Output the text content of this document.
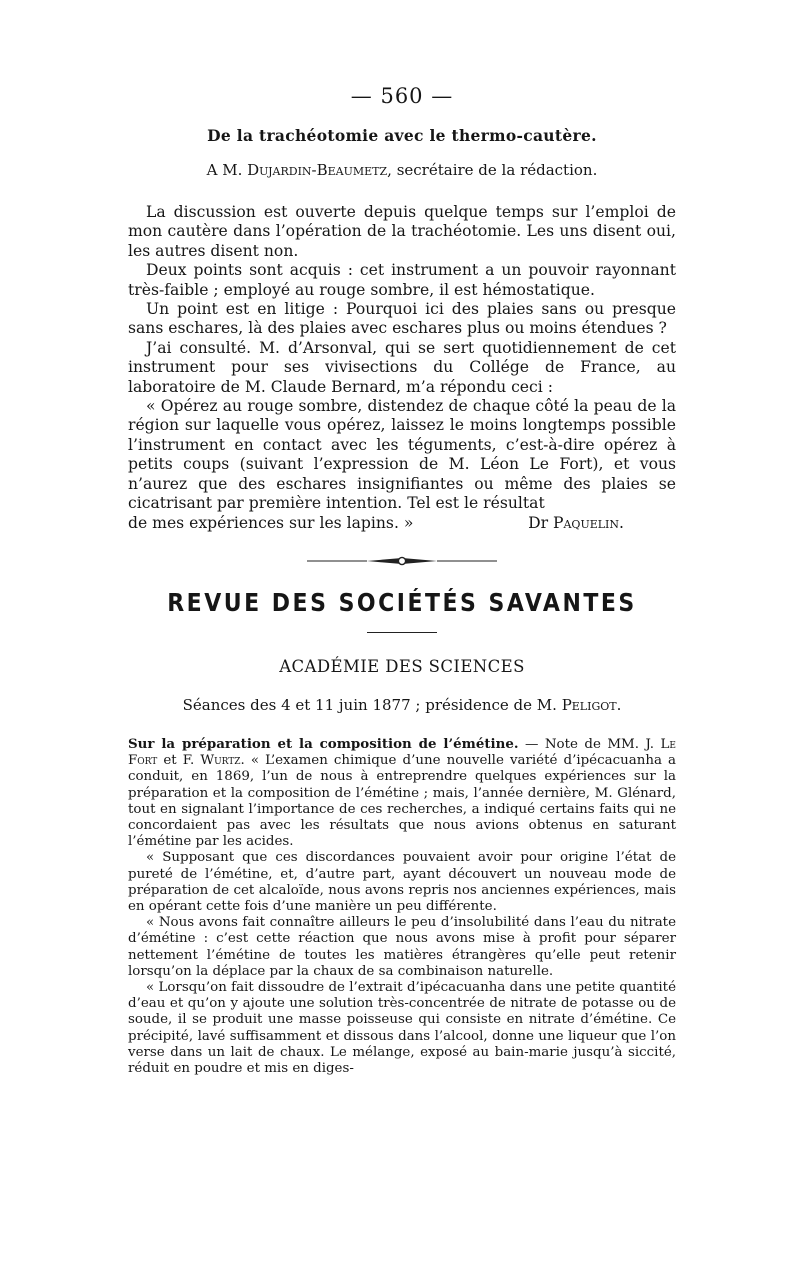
— 560 —
De la trachéotomie avec le thermo-cautère.
A M. Dujardin-Beaumetz, secrétaire de la rédaction.

La discussion est ouverte depuis quelque temps sur l’emploi de mon cautère dans l’opération de la trachéotomie. Les uns disent oui, les autres disent non.

Deux points sont acquis : cet instrument a un pouvoir rayonnant très-faible ; employé au rouge sombre, il est hémostatique.

Un point est en litige : Pourquoi ici des plaies sans ou presque sans eschares, là des plaies avec eschares plus ou moins étendues ?

J’ai consulté. M. d’Arsonval, qui se sert quotidiennement de cet instrument pour ses vivisections du Collége de France, au laboratoire de M. Claude Bernard, m’a répondu ceci :

« Opérez au rouge sombre, distendez de chaque côté la peau de la région sur laquelle vous opérez, laissez le moins longtemps possible l’instrument en contact avec les téguments, c’est-à-dire opérez à petits coups (suivant l’expression de M. Léon Le Fort), et vous n’aurez que des eschares insignifiantes ou même des plaies se cicatrisant par première intention. Tel est le résultat

de mes expériences sur les lapins. »	Dr Paquelin.
REVUE DES SOCIÉTÉS SAVANTES
ACADÉMIE DES SCIENCES
Séances des 4 et 11 juin 1877 ; présidence de M. Peligot.

Sur la préparation et la composition de l’émétine. — Note de MM. J. Le Fort et F. Wurtz. « L’examen chimique d’une nouvelle variété d’ipécacuanha a conduit, en 1869, l’un de nous à entreprendre quelques expériences sur la préparation et la composition de l’émétine ; mais, l’année dernière, M. Glénard, tout en signalant l’importance de ces recherches, a indiqué certains faits qui ne concordaient pas avec les résultats que nous avions obtenus en saturant l’émétine par les acides.

« Supposant que ces discordances pouvaient avoir pour origine l’état de pureté de l’émétine, et, d’autre part, ayant découvert un nouveau mode de préparation de cet alcaloïde, nous avons repris nos anciennes expériences, mais en opérant cette fois d’une manière un peu différente.

« Nous avons fait connaître ailleurs le peu d’insolubilité dans l’eau du nitrate d’émétine : c’est cette réaction que nous avons mise à profit pour séparer nettement l’émétine de toutes les matières étrangères qu’elle peut retenir lorsqu’on la déplace par la chaux de sa combinaison naturelle.

« Lorsqu’on fait dissoudre de l’extrait d’ipécacuanha dans une petite quantité d’eau et qu’on y ajoute une solution très-concentrée de nitrate de potasse ou de soude, il se produit une masse poisseuse qui consiste en nitrate d’émétine. Ce précipité, lavé suffisamment et dissous dans l’alcool, donne une liqueur que l’on verse dans un lait de chaux. Le mélange, exposé au bain-marie jusqu’à siccité, réduit en poudre et mis en diges-
